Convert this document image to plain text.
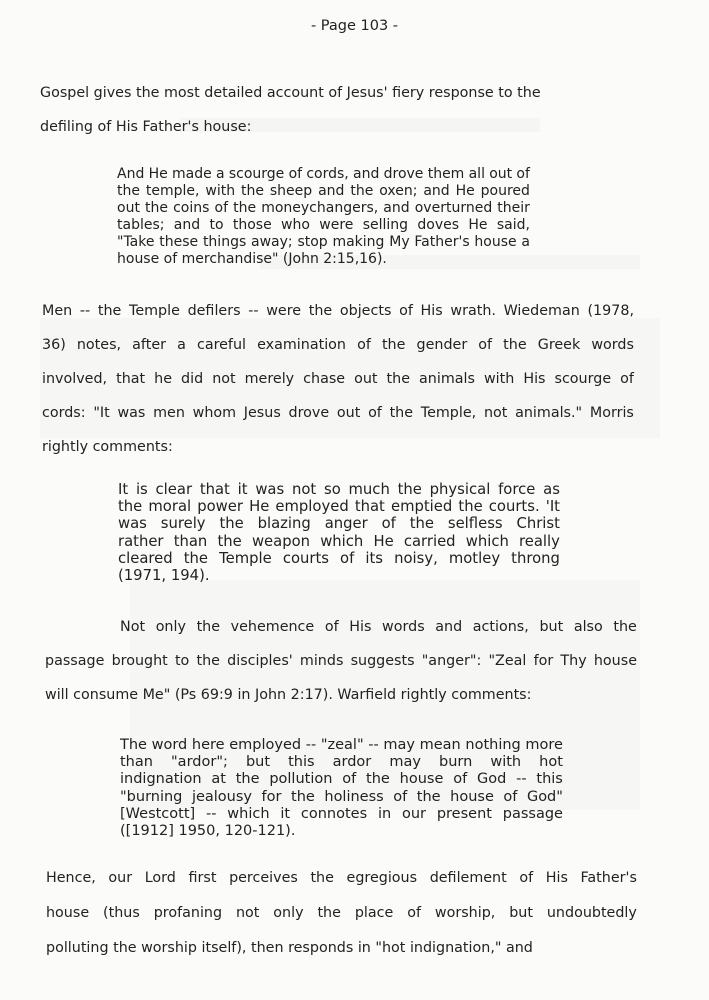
- Page 103 -
Gospel gives the most detailed account of Jesus' fiery response to the
defiling of His Father's house:
And He made a scourge of cords, and drove them all out of
the temple, with the sheep and the oxen; and He poured
out the coins of the moneychangers, and overturned their
tables; and to those who were selling doves He said,
"Take these things away; stop making My Father's house a
house of merchandise" (John 2:15,16).
Men -- the Temple defilers -- were the objects of His wrath. Wiedeman (1978,
36) notes, after a careful examination of the gender of the Greek words
involved, that he did not merely chase out the animals with His scourge of
cords: "It was men whom Jesus drove out of the Temple, not animals." Morris
rightly comments:
It is clear that it was not so much the physical force as
the moral power He employed that emptied the courts. 'It
was surely the blazing anger of the selfless Christ
rather than the weapon which He carried which really
cleared the Temple courts of its noisy, motley throng
(1971, 194).
Not only the vehemence of His words and actions, but also the
passage brought to the disciples' minds suggests "anger": "Zeal for Thy house
will consume Me" (Ps 69:9 in John 2:17). Warfield rightly comments:
The word here employed -- "zeal" -- may mean nothing more
than "ardor"; but this ardor may burn with hot
indignation at the pollution of the house of God -- this
"burning jealousy for the holiness of the house of God"
[Westcott] -- which it connotes in our present passage
([1912] 1950, 120-121).
Hence, our Lord first perceives the egregious defilement of His Father's
house (thus profaning not only the place of worship, but undoubtedly
polluting the worship itself), then responds in "hot indignation," and
